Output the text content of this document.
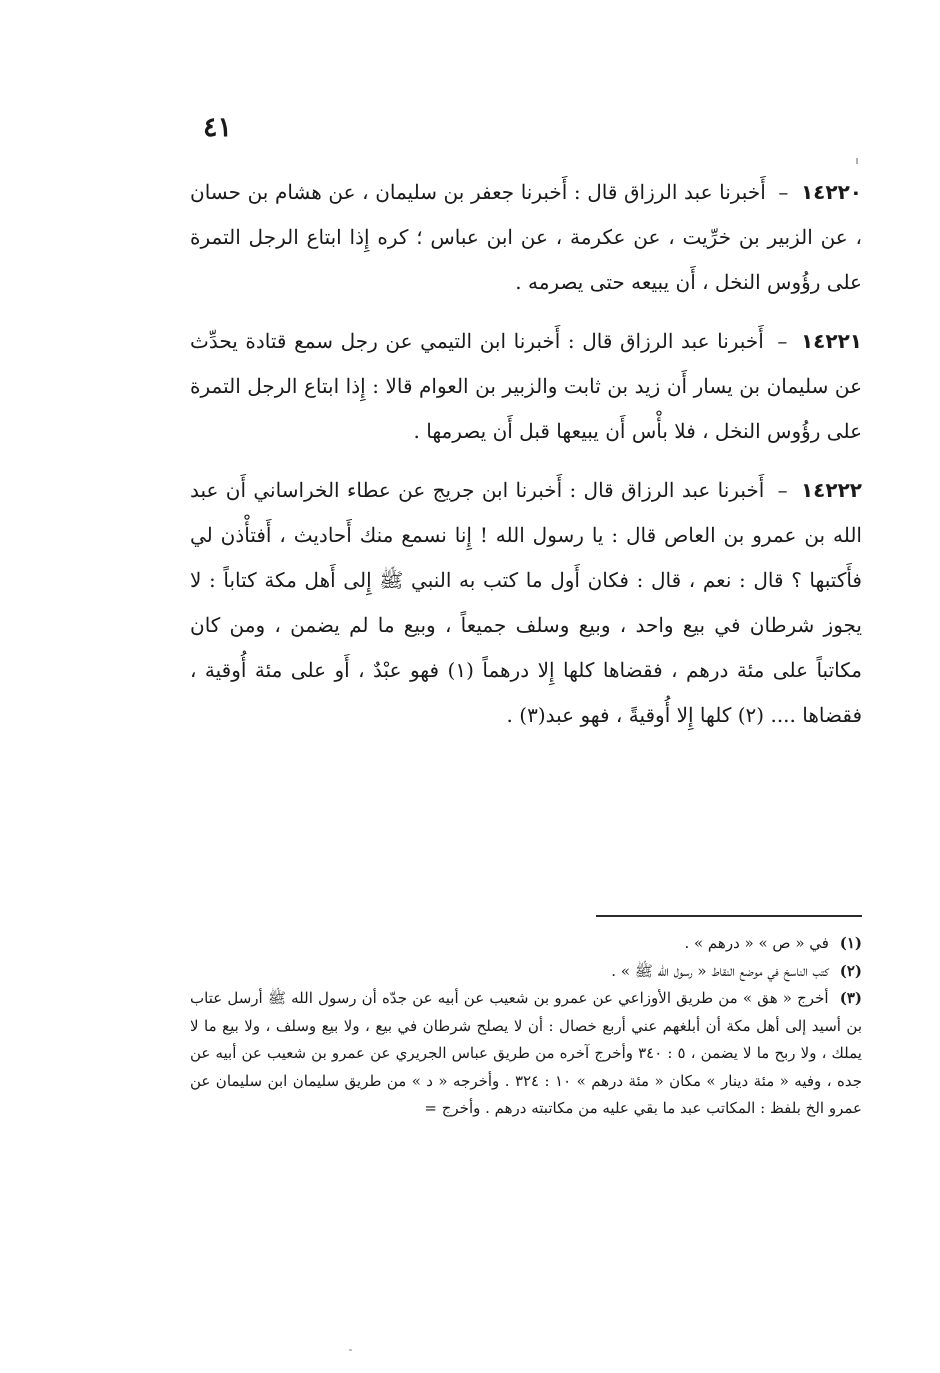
٤١

١٤٢٢٠ – أَخبرنا عبد الرزاق قال : أَخبرنا جعفر بن سليمان ، عن هشام بن حسان ، عن الزبير بن خرِّيت ، عن عكرمة ، عن ابن عباس ؛ كره إِذا ابتاع الرجل التمرة على رؤُوس النخل ، أَن يبيعه حتى يصرمه .

١٤٢٢١ – أَخبرنا عبد الرزاق قال : أَخبرنا ابن التيمي عن رجل سمع قتادة يحدِّث عن سليمان بن يسار أَن زيد بن ثابت والزبير بن العوام قالا : إِذا ابتاع الرجل التمرة على رؤُوس النخل ، فلا بأْس أَن يبيعها قبل أَن يصرمها .

١٤٢٢٢ – أَخبرنا عبد الرزاق قال : أَخبرنا ابن جريج عن عطاء الخراساني أَن عبد الله بن عمرو بن العاص قال : يا رسول الله ! إِنا نسمع منك أَحاديث ، أَفتأْذن لي فأَكتبها ؟ قال : نعم ، قال : فكان أَول ما كتب به النبي ﷺ إِلى أَهل مكة كتاباً : لا يجوز شرطان في بيع واحد ، وبيع وسلف جميعاً ، وبيع ما لم يضمن ، ومن كان مكاتباً على مئة درهم ، فقضاها كلها إِلا درهماً (١) فهو عبْدٌ ، أَو على مئة أُوقية ، فقضاها .... (٢) كلها إِلا أُوقيةً ، فهو عبد(٣) .

(١) في « ص » « درهم » .

(٢) كتب الناسخ في موضع النقاط « رسول الله ﷺ » .

(٣) أخرج « هق » من طريق الأوزاعي عن عمرو بن شعيب عن أبيه عن جدّه أن رسول الله ﷺ أرسل عتاب بن أسيد إلى أهل مكة أن أبلغهم عني أربع خصال : أن لا يصلح شرطان في بيع ، ولا بيع وسلف ، ولا بيع ما لا يملك ، ولا ربح ما لا يضمن ، ٥ : ٣٤٠ وأخرج آخره من طريق عباس الجريري عن عمرو بن شعيب عن أبيه عن جده ، وفيه « مئة دينار » مكان « مئة درهم » ١٠ : ٣٢٤ . وأخرجه « د » من طريق سليمان ابن سليمان عن عمرو الخ بلفظ : المكاتب عبد ما بقي عليه من مكاتبته درهم . وأخرج =
